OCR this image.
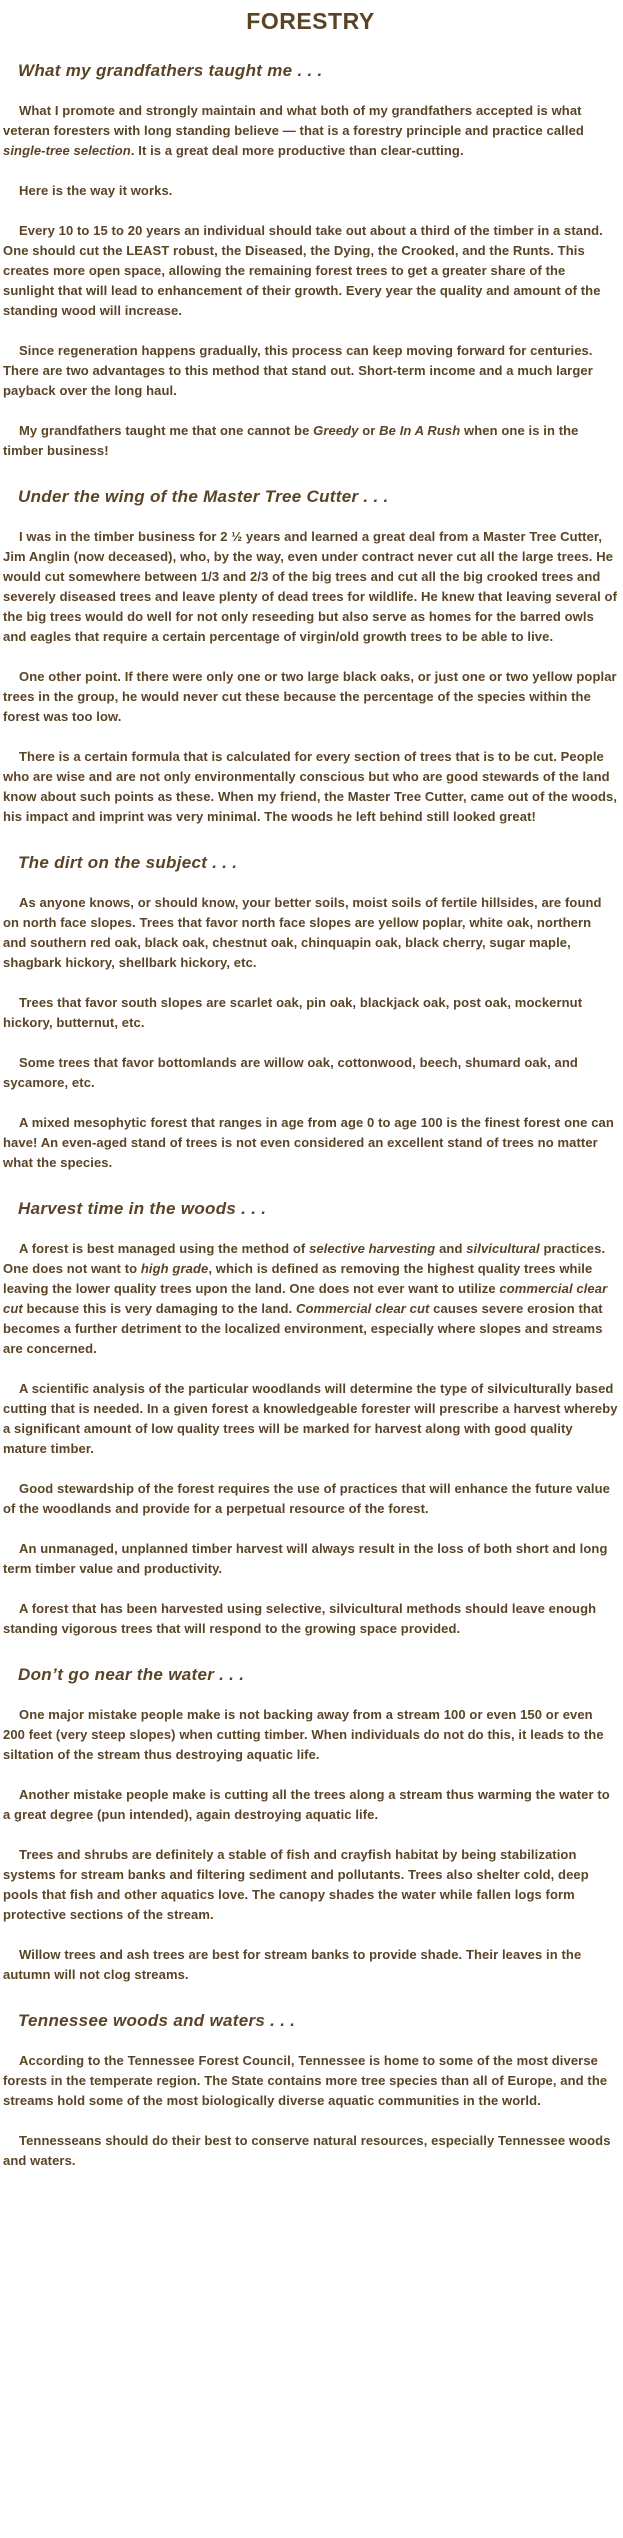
FORESTRY
What my grandfathers taught me . . .

What I promote and strongly maintain and what both of my grandfathers accepted is what veteran foresters with long standing believe — that is a forestry principle and practice called single-tree selection. It is a great deal more productive than clear-cutting.

Here is the way it works.

Every 10 to 15 to 20 years an individual should take out about a third of the timber in a stand. One should cut the LEAST robust, the Diseased, the Dying, the Crooked, and the Runts. This creates more open space, allowing the remaining forest trees to get a greater share of the sunlight that will lead to enhancement of their growth. Every year the quality and amount of the standing wood will increase.

Since regeneration happens gradually, this process can keep moving forward for centuries. There are two advantages to this method that stand out. Short-term income and a much larger payback over the long haul.

My grandfathers taught me that one cannot be Greedy or Be In A Rush when one is in the timber business!

Under the wing of the Master Tree Cutter . . .

I was in the timber business for 2 ½ years and learned a great deal from a Master Tree Cutter, Jim Anglin (now deceased), who, by the way, even under contract never cut all the large trees. He would cut somewhere between 1/3 and 2/3 of the big trees and cut all the big crooked trees and severely diseased trees and leave plenty of dead trees for wildlife. He knew that leaving several of the big trees would do well for not only reseeding but also serve as homes for the barred owls and eagles that require a certain percentage of virgin/old growth trees to be able to live.

One other point. If there were only one or two large black oaks, or just one or two yellow poplar trees in the group, he would never cut these because the percentage of the species within the forest was too low.

There is a certain formula that is calculated for every section of trees that is to be cut. People who are wise and are not only environmentally conscious but who are good stewards of the land know about such points as these. When my friend, the Master Tree Cutter, came out of the woods, his impact and imprint was very minimal. The woods he left behind still looked great!

The dirt on the subject . . .

As anyone knows, or should know, your better soils, moist soils of fertile hillsides, are found on north face slopes. Trees that favor north face slopes are yellow poplar, white oak, northern and southern red oak, black oak, chestnut oak, chinquapin oak, black cherry, sugar maple, shagbark hickory, shellbark hickory, etc.

Trees that favor south slopes are scarlet oak, pin oak, blackjack oak, post oak, mockernut hickory, butternut, etc.

Some trees that favor bottomlands are willow oak, cottonwood, beech, shumard oak, and sycamore, etc.

A mixed mesophytic forest that ranges in age from age 0 to age 100 is the finest forest one can have! An even-aged stand of trees is not even considered an excellent stand of trees no matter what the species.

Harvest time in the woods . . .

A forest is best managed using the method of selective harvesting and silvicultural practices. One does not want to high grade, which is defined as removing the highest quality trees while leaving the lower quality trees upon the land. One does not ever want to utilize commercial clear cut because this is very damaging to the land. Commercial clear cut causes severe erosion that becomes a further detriment to the localized environment, especially where slopes and streams are concerned.

A scientific analysis of the particular woodlands will determine the type of silviculturally based cutting that is needed. In a given forest a knowledgeable forester will prescribe a harvest whereby a significant amount of low quality trees will be marked for harvest along with good quality mature timber.

Good stewardship of the forest requires the use of practices that will enhance the future value of the woodlands and provide for a perpetual resource of the forest.

An unmanaged, unplanned timber harvest will always result in the loss of both short and long term timber value and productivity.

A forest that has been harvested using selective, silvicultural methods should leave enough standing vigorous trees that will respond to the growing space provided.

Don’t go near the water . . .

One major mistake people make is not backing away from a stream 100 or even 150 or even 200 feet (very steep slopes) when cutting timber. When individuals do not do this, it leads to the siltation of the stream thus destroying aquatic life.

Another mistake people make is cutting all the trees along a stream thus warming the water to a great degree (pun intended), again destroying aquatic life.

Trees and shrubs are definitely a stable of fish and crayfish habitat by being stabilization systems for stream banks and filtering sediment and pollutants. Trees also shelter cold, deep pools that fish and other aquatics love. The canopy shades the water while fallen logs form protective sections of the stream.

Willow trees and ash trees are best for stream banks to provide shade. Their leaves in the autumn will not clog streams.

Tennessee woods and waters . . .

According to the Tennessee Forest Council, Tennessee is home to some of the most diverse forests in the temperate region. The State contains more tree species than all of Europe, and the streams hold some of the most biologically diverse aquatic communities in the world.

Tennesseans should do their best to conserve natural resources, especially Tennessee woods and waters.
